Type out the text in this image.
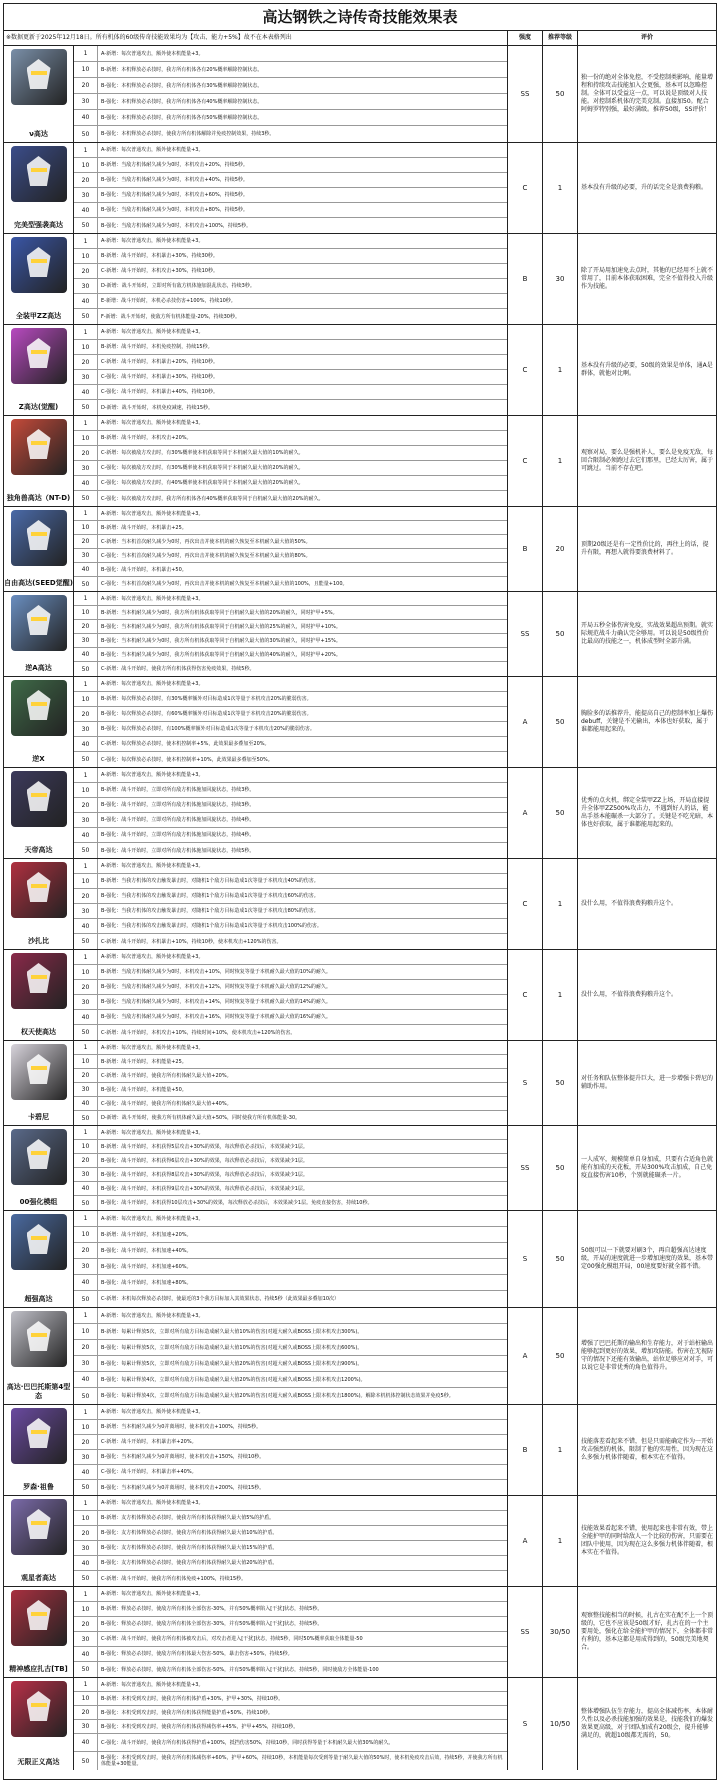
高达钢铁之诗传奇技能效果表
※数据更新于2025年12月18日。所有机体的60级传奇技能效果均为【攻击、能力+5%】故不在本表格列出	强度	推荐等级	评价
ν高达
1	A-新增：每次普通攻击，额外使本机能量+3。
10	B-新增：本机释放必杀技时，我方所有机体各有20%概率解除控制状态。
20	B-强化：本机释放必杀技时，我方所有机体各有30%概率解除控制状态。
30	B-强化：本机释放必杀技时，我方所有机体各有40%概率解除控制状态。
40	B-强化：本机释放必杀技时，我方所有机体各有50%概率解除控制状态。
50	B-强化：本机释放必杀技时，使我方所有机体解除并免疫控制效果，持续3秒。
SS	50
独一份的绝对全体免控，不受控制类影响，能量增程和持续攻击技能加入会更强，基本可以忽略控制。全体可以受益这一点，可以说是顶级对人技能。对控制系机体的完美克制。直接加50。配合阿姆罗特别强，最好满级。推荐50级，SS评价！
完美型强袭高达
1	A-新增：每次普通攻击，额外使本机能量+3。
10	B-新增：当敌方机体耐久减少为0时，本机攻击+20%，持续5秒。
20	B-强化：当敌方机体耐久减少为0时，本机攻击+40%，持续5秒。
30	B-强化：当敌方机体耐久减少为0时，本机攻击+60%，持续5秒。
40	B-强化：当敌方机体耐久减少为0时，本机攻击+80%，持续5秒。
50	B-强化：当敌方机体耐久减少为0时，本机攻击+100%，持续5秒。
C	1	基本没有升级的必要，升的话完全是浪费狗粮。
全装甲ZZ高达
1	A-新增：每次普通攻击，额外使本机能量+3。
10	B-新增：战斗开始时，本机暴击+30%，持续30秒。
20	C-新增：战斗开始时，本机攻击+30%，持续10秒。
30	D-新增：战斗开始时，立即对所有敌方机体施加混乱状态，持续3秒。
40	E-新增：战斗开始时，本机必杀技伤害+100%，持续10秒。
50	F-新增：战斗开始时，使敌方所有机体能量-20%，持续30秒。
B	30
除了开局用加速免去点时，其他的已经用不上就不常用了，目前本体获取困难，完全不值得投入升级作为技能。
Z高达(觉醒)
1	A-新增：每次普通攻击，额外使本机能量+3。
10	B-新增：战斗开始时，本机免疫控制，持续15秒。
20	C-新增：战斗开始时，本机暴击+20%，持续10秒。
30	C-强化：战斗开始时，本机暴击+30%，持续10秒。
40	C-强化：战斗开始时，本机暴击+40%，持续10秒。
50	D-新增：战斗开始时，本机免疫减速，持续15秒。
C	1
基本没有升级的必要，50级的效果是单体，通A是群体，就他对比啊。
独角兽高达（NT-D)
1	A-新增：每次普通攻击，额外使本机能量+3。
10	B-新增：战斗开始时，本机攻击+20%。
20	C-新增：每次被敌方攻击时，有30%概率使本机获取等同于本机耐久最大值的10%的耐久。
30	C-强化：每次被敌方攻击时，有30%概率使本机获取等同于本机耐久最大值的20%的耐久。
40	C-强化：每次被敌方攻击时，有40%概率使本机获取等同于本机耐久最大值的20%的耐久。
50	C-强化：每次被敌方攻击时，我方所有机体各有40%概率获取等同于自机耐久最大值的20%的耐久。
C	1
观察对局，要么是强机补人，要么是免疫无敌，每回合限制必须跑过去它们那里，已经太厉害，属于可跳过。当前不存在吧。
自由高达(SEED觉醒)
1	A-新增：每次普通攻击，额外使本机能量+3。
10	B-新增：战斗开始时，本机暴击+25。
20	C-新增：当本机首次耐久减少为0时，再次出击并使本机的耐久恢复至本机耐久最大值的50%。
30	C-强化：当本机首次耐久减少为0时，再次出击并使本机的耐久恢复至本机耐久最大值的80%。
40	B-强化：战斗开始时，本机暴击+50。
50	C-强化：当本机首次耐久减少为0时，再次出击并使本机的耐久恢复至本机耐久最大值的100%，且能量+100。
B	20
顶期20级还是有一定性价比的，再往上的话，提升有限，再想入就得要浪费材料了。
逆A高达
1	A-新增：每次普通攻击，额外使本机能量+3。
10	B-新增：当本机耐久减少为0时，我方所有机体获取等同于自机耐久最大值的20%的耐久，同时护甲+5%。
20	B-强化：当本机耐久减少为0时，我方所有机体获取等同于自机耐久最大值的25%的耐久，同时护甲+10%。
30	B-强化：当本机耐久减少为0时，我方所有机体获取等同于自机耐久最大值的30%的耐久，同时护甲+15%。
40	B-强化：当本机耐久减少为0时，我方所有机体获取等同于自机耐久最大值的40%的耐久，同时护甲+20%。
50	C-新增：战斗开始时，使我方所有机体获得伤害免疫效果，持续5秒。
SS	50
开局五秒全体伤害免疫，实战效果超出预期。就实际规范战斗力确认完全够用。可以说是50级性价比最高的技能之一，机体成型时全部升满。
逆X
1	A-新增：每次普通攻击，额外使本机能量+3。
10	B-新增：每次释放必杀技时，有30%概率额外对目标造成1次等量于本机攻击20%的脆弱伤害。
20	B-强化：每次释放必杀技时，有60%概率额外对目标造成1次等量于本机攻击20%的脆弱伤害。
30	B-强化：每次释放必杀技时，有100%概率额外对目标造成1次等量于本机攻击20%的脆弱伤害。
40	C-新增：每次释放必杀技时，使本机控制率+5%，此效果最多叠加至20%。
50	C-强化：每次释放必杀技时，使本机控制率+10%，此效果最多叠加至50%。
A	50
胸脸多的话推荐升，能提高自己的控制率加上爆伤debuff，关键是不光输出，本体也好获取，属于谁都能用起来的。
天帝高达
1	A-新增：每次普通攻击，额外使本机能量+3。
10	B-新增：战斗开始时，立即对所有敌方机体施加回旋状态，持续3秒。
20	B-强化：战斗开始时，立即对所有敌方机体施加回旋状态，持续3秒。
30	B-强化：战斗开始时，立即对所有敌方机体施加回旋状态，持续4秒。
40	B-强化：战斗开始时，立即对所有敌方机体施加回旋状态，持续4秒。
50	B-强化：战斗开始时，立即对所有敌方机体施加回旋状态，持续5秒。
A	50
优秀的点火机，绑定全装甲ZZ上场，开局直接提升全体甲ZZ500%攻击力，不遇到好人的话，能出手基本能碾杀一大部分了。关键是不吃光暗，本体也好获取，属于谁都能用起来的。
沙扎比
1	A-新增：每次普通攻击，额外使本机能量+3。
10	B-新增：当我方机体的攻击触发暴击时，对随机1个敌方目标造成1次等量于本机攻击40%的伤害。
20	B-强化：当我方机体的攻击触发暴击时，对随机1个敌方目标造成1次等量于本机攻击60%的伤害。
30	B-强化：当我方机体的攻击触发暴击时，对随机1个敌方目标造成1次等量于本机攻击80%的伤害。
40	B-强化：当我方机体的攻击触发暴击时，对随机1个敌方目标造成1次等量于本机攻击100%的伤害。
50	C-新增：战斗开始时，本机暴击+10%，持续10秒，使本机攻击+120%的伤害。
C	1	没什么用，不值得浪费狗粮升这个。
权天使高达
1	A-新增：每次普通攻击，额外使本机能量+3。
10	B-新增：当敌方机体耐久减少为0时，本机攻击+10%，同时恢复等量于本机耐久最大值的10%的耐久。
20	B-强化：当敌方机体耐久减少为0时，本机攻击+12%，同时恢复等量于本机耐久最大值的12%的耐久。
30	B-强化：当敌方机体耐久减少为0时，本机攻击+14%，同时恢复等量于本机耐久最大值的14%的耐久。
40	B-强化：当敌方机体耐久减少为0时，本机攻击+16%，同时恢复等量于本机耐久最大值的16%的耐久。
50	C-新增：战斗开始时，本机攻击+10%，持续时间+10%，使本机攻击+120%的伤害。
C	1	没什么用，不值得浪费狗粮升这个。
卡碧尼
1	A-新增：每次普通攻击，额外使本机能量+3。
10	B-新增：战斗开始时，本机能量+25。
20	C-新增：战斗开始时，使我方所有机体耐久最大值+20%。
30	B-强化：战斗开始时，本机能量+50。
40	C-强化：战斗开始时，使我方所有机体耐久最大值+40%。
50	D-新增：战斗开始时，使我方所有机体耐久最大值+50%，同时使我方所有机体能量-30。
S	50
对任务和队伍整体提升巨大，进一步增强卡碧尼的辅助作用。
00强化模组
1	A-新增：每次普通攻击，额外使本机能量+3。
10	B-新增：战斗开始时，本机获得5层攻击+30%的效果，每次释放必杀技后，本效果减少1层。
20	B-强化：战斗开始时，本机获得6层攻击+30%的效果，每次释放必杀技后，本效果减少1层。
30	B-强化：战斗开始时，本机获得8层攻击+30%的效果，每次释放必杀技后，本效果减少1层。
40	B-强化：战斗开始时，本机获得9层攻击+30%的效果，每次释放必杀技后，本效果减少1层。
50	B-强化：战斗开始时，本机获得10层攻击+30%的效果，每次释放必杀技后，本效果减少1层。免疫直接伤害，持续10秒。
SS	50
一人成军，规模简单自身加成，只要有合适角色就能有加成的天花板，开局300%攻击加成，自己免疫直接伤害10秒，个别就能碾杀一片。
超强高达
1	A-新增：每次普通攻击，额外使本机能量+3。
10	B-新增：战斗开始时，本机加速+20%。
20	B-强化：战斗开始时，本机加速+40%。
30	B-强化：战斗开始时，本机加速+60%。
40	B-强化：战斗开始时，本机加速+80%。
50	C-新增：本机每次释放必杀技时，使最近的3个我方目标加入其效果状态，持续5秒（此效果最多叠加10次）
S	50
50级可以一下就要对刷3个，再自超强高达速度级，开局的速度就进一步增加速度的效果，基本带定00强化模组开局，00速度要好就全都不错。
高达·巴巴托斯第4型态
1	A-新增：每次普通攻击，额外使本机能量+3。
10	B-新增：每累计释放5次，立即对所有敌方目标造成耐久最大值10%的伤害(对超大耐久或BOSS上限本机攻击300%)。
20	B-强化：每累计释放5次，立即对所有敌方目标造成耐久最大值10%的伤害(对超大耐久或BOSS上限本机攻击600%)。
30	B-强化：每累计释放5次，立即对所有敌方目标造成耐久最大值20%的伤害(对超大耐久或BOSS上限本机攻击900%)。
40	B-强化：每累计释放4次，立即对所有敌方目标造成耐久最大值20%的伤害(对超大耐久或BOSS上限本机攻击1200%)。
50	B-强化：每累计释放4次，立即对所有敌方目标造成耐久最大值20%的伤害(对超大耐久或BOSS上限本机攻击1800%)。解除本机机体控制状态效果并免疫5秒。
A	50
增强了巴巴托斯的输出和生存能力，对于站桩输出能够起到更好的效果，增加攻防能。伤害在无视防守的情况下还能有效输出，站位足够应对对手，可以说它是非常优秀的角色值得升。
罗森·祖鲁
1	A-新增：每次普通攻击，额外使本机能量+3。
10	B-新增：当本机耐久减少为0并离场时，使本机攻击+100%，持续5秒。
20	C-新增：战斗开始时，本机暴击率+20%。
30	B-强化：当本机耐久减少为0并离场时，使本机攻击+150%，持续10秒。
40	C-强化：战斗开始时，本机暴击率+40%。
50	B-强化：当本机耐久减少为0并离场时，使本机攻击+200%，持续15秒。
B	1
技能落差看起来不错，但是只需能确定作为一开始攻击强烈的机体，限制了他的实用性，因为现在这么多强力机体伴随着，根本实在不值得。
观星者高达
1	A-新增：每次普通攻击，额外使本机能量+3。
10	B-新增：友方机体释放必杀技时，使我方所有机体获得耐久最大值5%的护盾。
20	B-强化：友方机体释放必杀技时，使我方所有机体获得耐久最大值10%的护盾。
30	B-强化：友方机体释放必杀技时，使我方所有机体获得耐久最大值15%的护盾。
40	B-强化：友方机体释放必杀技时，使我方所有机体获得耐久最大值20%的护盾。
50	C-新增：战斗开始时，使我方所有机体免疫+100%，持续15秒。
A	1
技能效果看起来不错，使用起来也非常有效，带上全能护甲的同时给敌人一个比较的伤害，只需要在团队中使用，因为现在这么多强力机体伴随着，根本实在不值得。
精神感应扎古[TB]
1	A-新增：每次普通攻击，额外使本机能量+3。
10	B-新增：释放必杀技时，使敌方所有机体全部伤害-30%，并有50%概率陷入[干扰]状态，持续5秒。
20	B-强化：释放必杀技时，使敌方所有机体全部伤害-30%，并有50%概率陷入[干扰]状态，持续5秒。
30	C-新增：战斗开始时，使我方所有机体被攻击后，对攻击者进入[干扰]状态，持续5秒，同时50%概率获取全体能量-50
40	B-强化：释放必杀技时，使敌方所有机体最大伤害-50%，暴击伤害+50%，持续5秒。
50	B-强化：释放必杀技时，使敌方所有机体全部伤害-50%，并有50%概率陷入[干扰]状态，持续5秒，同时使敌方全体能量-100
SS	30/50
观察整技能相当的时候，扎古在实在配不上一个顶级的，它也不应该是50级才好，扎古在的一个主要用处，强化在给全能护甲的情况下，全体都非常有利的，基本这都是用成得到的，50级完美地契合。
无限正义高达
1	A-新增：每次普通攻击，额外使本机能量+3。
10	B-新增：本机受到攻击时，使我方所有机体护盾+30%，护甲+30%，持续10秒。
20	B-强化：本机受到攻击时，使我方所有机体获得能量护盾+50%，持续10秒。
30	B-强化：本机受到攻击时，使我方所有机体获得减伤率+45%，护甲+45%，持续10秒。
40	C-强化：战斗开始时，使我方所有机体获得护盾+100%，抵挡伤害50%，持续10秒，同时获得等量于本机耐久最大值30%的耐久。
50	B-强化：本机受到攻击时，使我方所有机体减伤率+60%，护甲+60%，持续10秒，本机能量每次受到等量于耐久最大值的50%时，使本机免疫攻击后效，持续5秒，并使我方所有机体能量+30能量。
S	10/50
整体增强队伍生存能力，提高全体减伤率，本体耐久性以及必杀技能加强的效果是，技能我们的爆发效果更高级，对于团队加成有20级会，提升能够满足的，就超10级都无需的，50。
